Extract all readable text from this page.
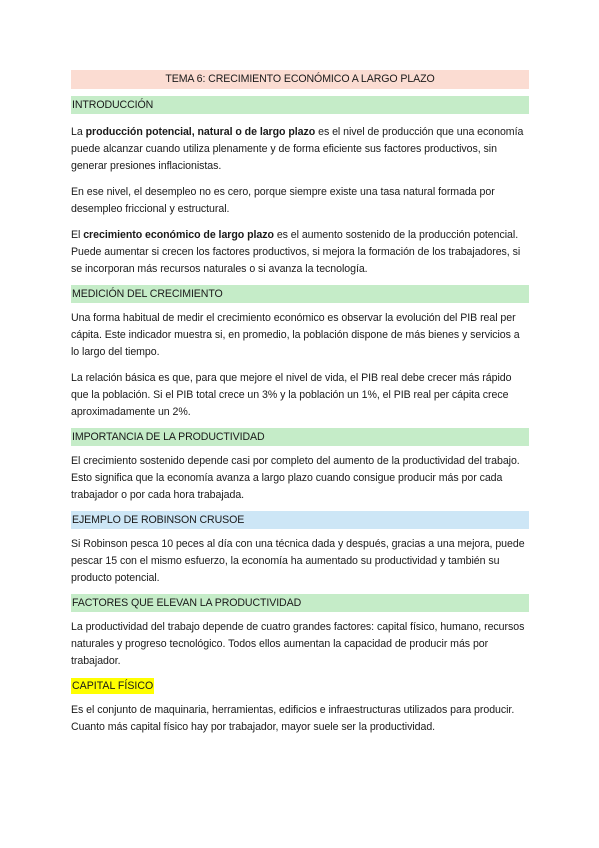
TEMA 6: CRECIMIENTO ECONÓMICO A LARGO PLAZO
INTRODUCCIÓN

La producción potencial, natural o de largo plazo es el nivel de producción que una economía puede alcanzar cuando utiliza plenamente y de forma eficiente sus factores productivos, sin generar presiones inflacionistas.

En ese nivel, el desempleo no es cero, porque siempre existe una tasa natural formada por desempleo friccional y estructural.

El crecimiento económico de largo plazo es el aumento sostenido de la producción potencial. Puede aumentar si crecen los factores productivos, si mejora la formación de los trabajadores, si se incorporan más recursos naturales o si avanza la tecnología.

MEDICIÓN DEL CRECIMIENTO

Una forma habitual de medir el crecimiento económico es observar la evolución del PIB real per cápita. Este indicador muestra si, en promedio, la población dispone de más bienes y servicios a lo largo del tiempo.

La relación básica es que, para que mejore el nivel de vida, el PIB real debe crecer más rápido que la población. Si el PIB total crece un 3% y la población un 1%, el PIB real per cápita crece aproximadamente un 2%.

IMPORTANCIA DE LA PRODUCTIVIDAD

El crecimiento sostenido depende casi por completo del aumento de la productividad del trabajo. Esto significa que la economía avanza a largo plazo cuando consigue producir más por cada trabajador o por cada hora trabajada.

EJEMPLO DE ROBINSON CRUSOE

Si Robinson pesca 10 peces al día con una técnica dada y después, gracias a una mejora, puede pescar 15 con el mismo esfuerzo, la economía ha aumentado su productividad y también su producto potencial.

FACTORES QUE ELEVAN LA PRODUCTIVIDAD

La productividad del trabajo depende de cuatro grandes factores: capital físico, humano, recursos naturales y progreso tecnológico. Todos ellos aumentan la capacidad de producir más por trabajador.

CAPITAL FÍSICO

Es el conjunto de maquinaria, herramientas, edificios e infraestructuras utilizados para producir. Cuanto más capital físico hay por trabajador, mayor suele ser la productividad.
